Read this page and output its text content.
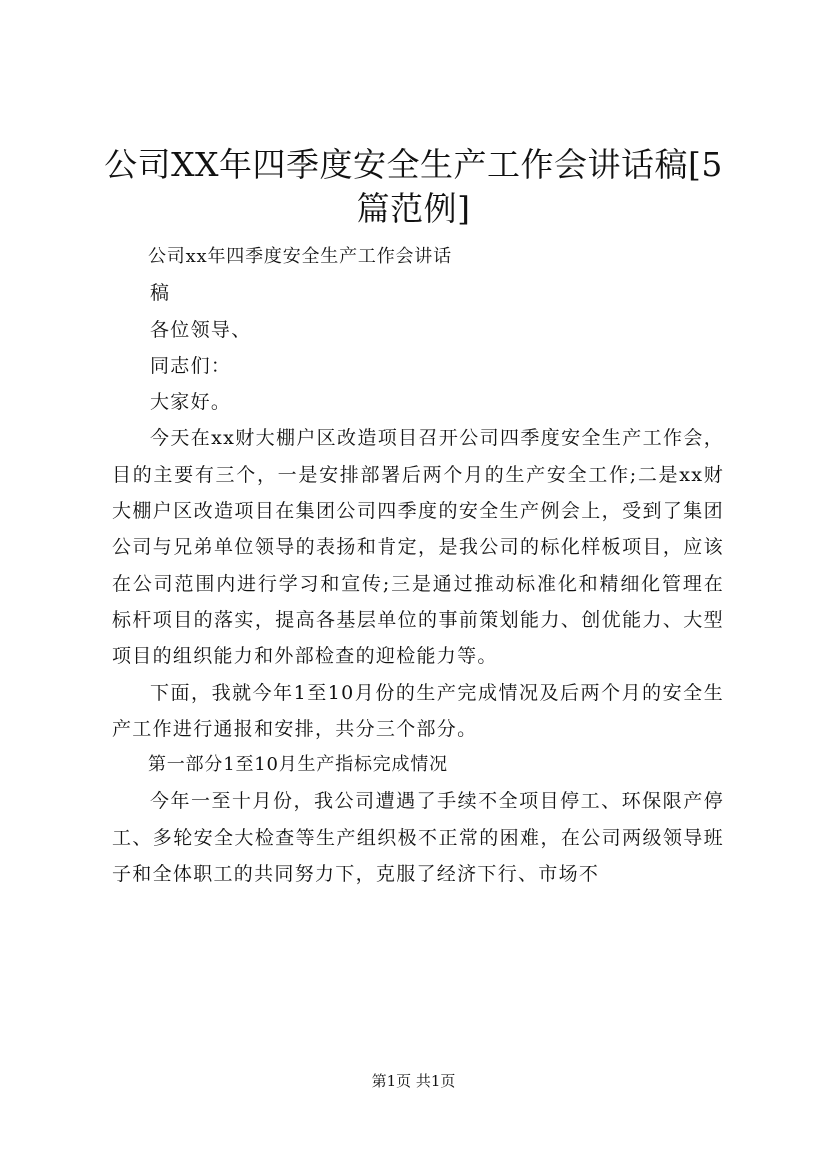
公司XX年四季度安全生产工作会讲话稿[5篇范例]

公司xx年四季度安全生产工作会讲话

稿

各位领导、

同志们：

大家好。

今天在xx财大棚户区改造项目召开公司四季度安全生产工作会，目的主要有三个，一是安排部署后两个月的生产安全工作;二是xx财大棚户区改造项目在集团公司四季度的安全生产例会上，受到了集团公司与兄弟单位领导的表扬和肯定，是我公司的标化样板项目，应该在公司范围内进行学习和宣传;三是通过推动标准化和精细化管理在标杆项目的落实，提高各基层单位的事前策划能力、创优能力、大型项目的组织能力和外部检查的迎检能力等。

下面，我就今年1至10月份的生产完成情况及后两个月的安全生产工作进行通报和安排，共分三个部分。

第一部分1至10月生产指标完成情况

今年一至十月份，我公司遭遇了手续不全项目停工、环保限产停工、多轮安全大检查等生产组织极不正常的困难，在公司两级领导班子和全体职工的共同努力下，克服了经济下行、市场不

第1页 共1页
